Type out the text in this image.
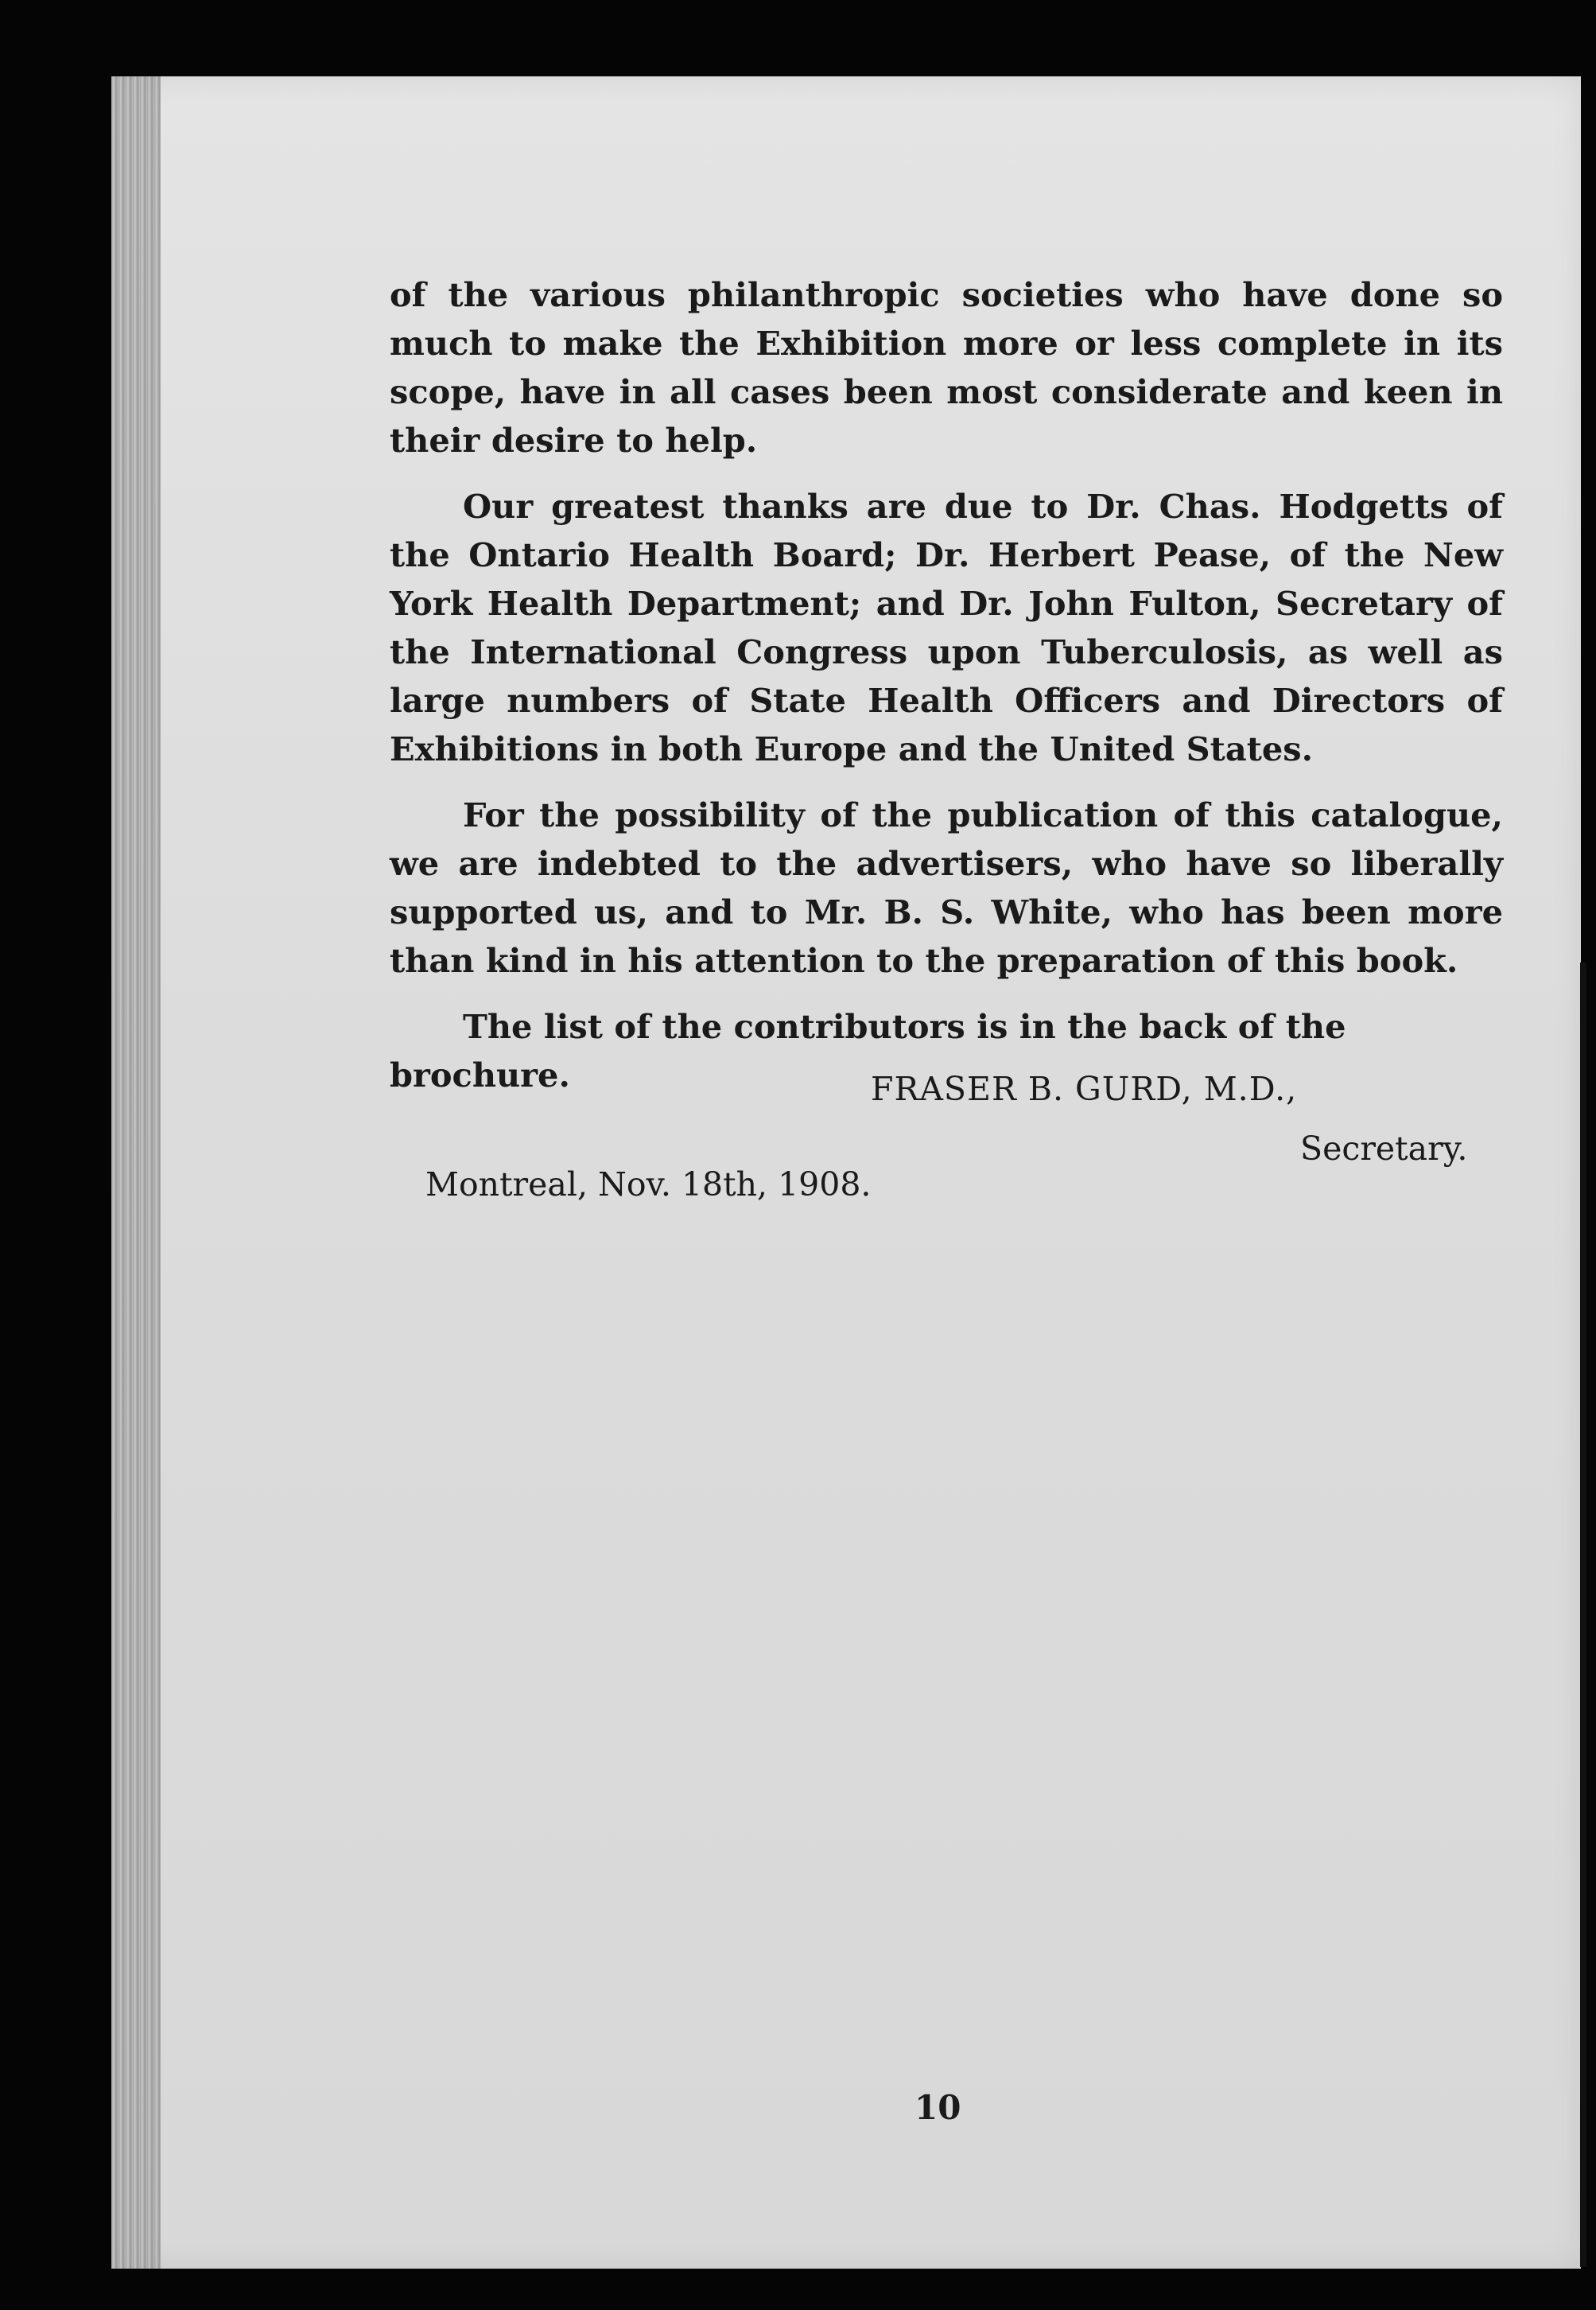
of the various philanthropic societies who have done so much to make the Exhibition more or less complete in its scope, have in all cases been most considerate and keen in their desire to help.

Our greatest thanks are due to Dr. Chas. Hodgetts of the Ontario Health Board; Dr. Herbert Pease, of the New York Health Department; and Dr. John Fulton, Secretary of the International Congress upon Tuberculosis, as well as large numbers of State Health Officers and Directors of Exhibitions in both Europe and the United States.

For the possibility of the publication of this catalogue, we are indebted to the advertisers, who have so liberally supported us, and to Mr. B. S. White, who has been more than kind in his attention to the preparation of this book.

The list of the contributors is in the back of the brochure.	FRASER B. GURD, M.D.,
Secretary.
Montreal, Nov. 18th, 1908.
10
